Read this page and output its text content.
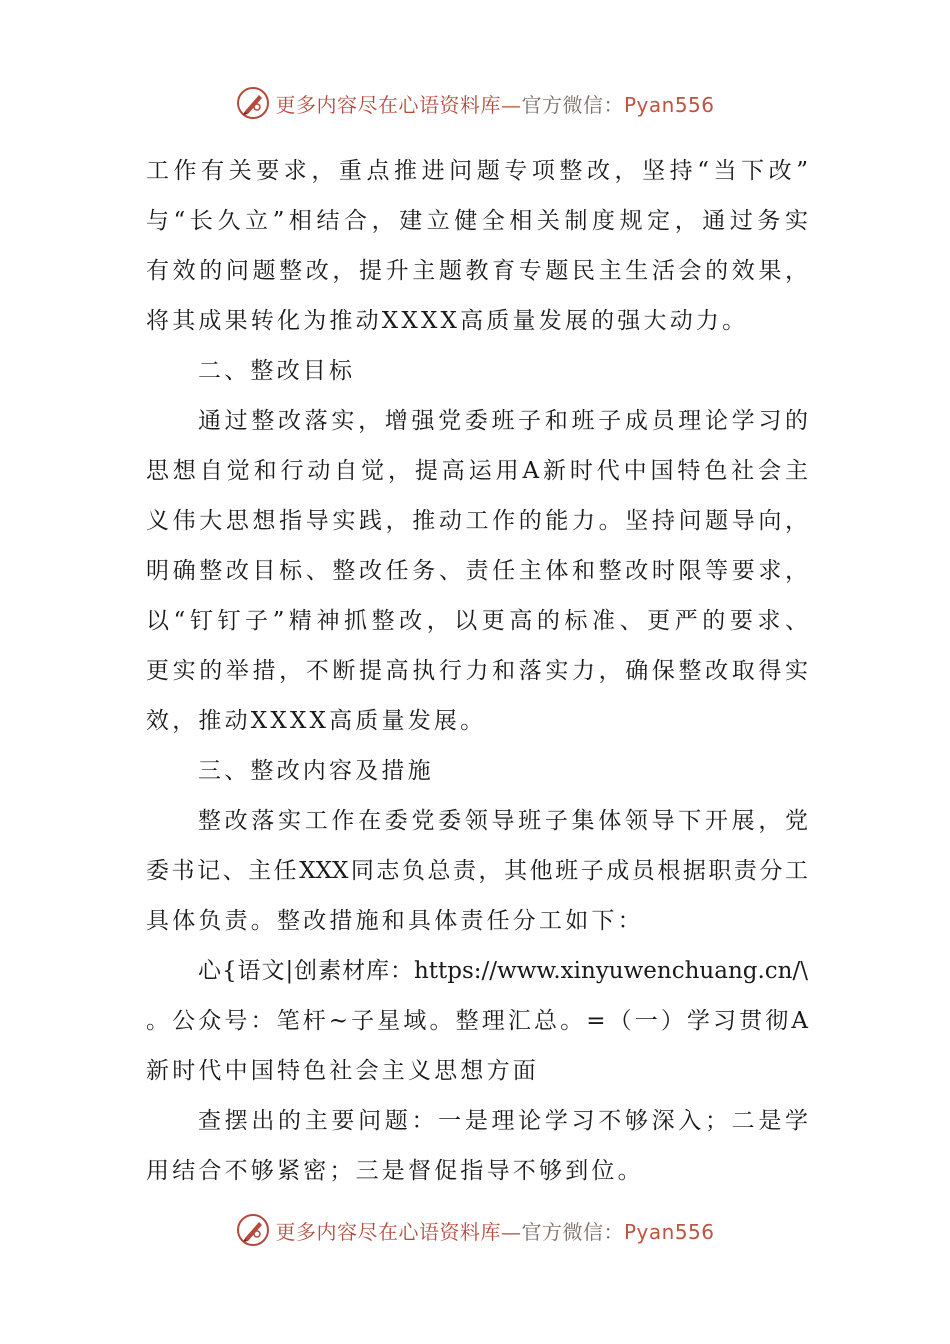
更多内容尽在心语资料库—官方微信：Pyan556
工作有关要求，重点推进问题专项整改，坚持“当下改”
与“长久立”相结合，建立健全相关制度规定，通过务实
有效的问题整改，提升主题教育专题民主生活会的效果，
将其成果转化为推动XXXX高质量发展的强大动力。
二、整改目标
通过整改落实，增强党委班子和班子成员理论学习的
思想自觉和行动自觉，提高运用A新时代中国特色社会主
义伟大思想指导实践，推动工作的能力。坚持问题导向，
明确整改目标、整改任务、责任主体和整改时限等要求，
以“钉钉子”精神抓整改，以更高的标准、更严的要求、
更实的举措，不断提高执行力和落实力，确保整改取得实
效，推动XXXX高质量发展。
三、整改内容及措施
整改落实工作在委党委领导班子集体领导下开展，党
委书记、主任XXX同志负总责，其他班子成员根据职责分工
具体负责。整改措施和具体责任分工如下：
心{语文|创素材库：https://www.xinyuwenchuang.cn/\
。公众号：笔杆~子星域。整理汇总。=（一）学习贯彻A
新时代中国特色社会主义思想方面
查摆出的主要问题：一是理论学习不够深入；二是学
用结合不够紧密；三是督促指导不够到位。
更多内容尽在心语资料库—官方微信：Pyan556
